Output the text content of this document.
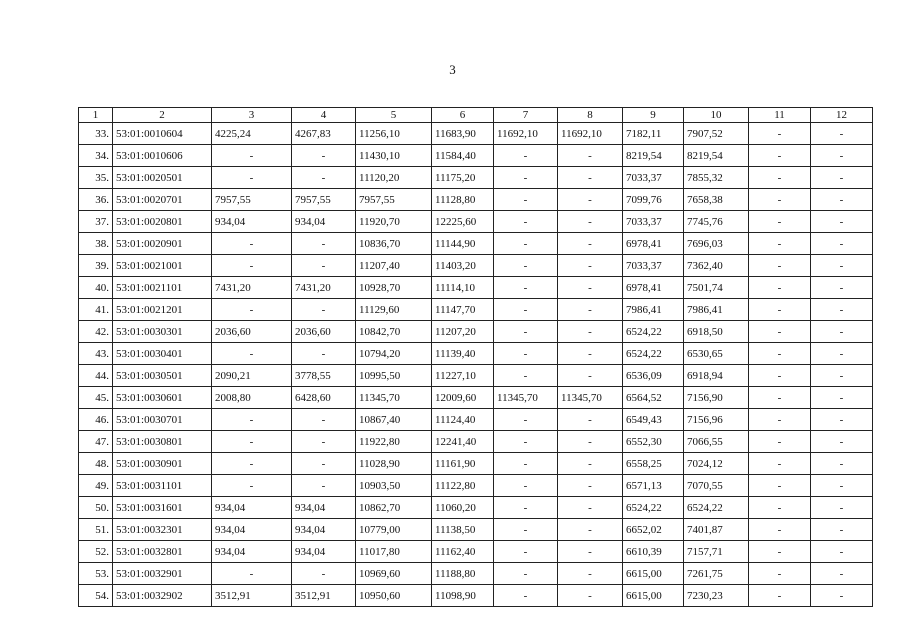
3
1	2	3	4	5	6	7	8	9	10	11	12
33.	53:01:0010604	4225,24	4267,83	11256,10	11683,90	11692,10	11692,10	7182,11	7907,52	-	-
34.	53:01:0010606	-	-	11430,10	11584,40	-	-	8219,54	8219,54	-	-
35.	53:01:0020501	-	-	11120,20	11175,20	-	-	7033,37	7855,32	-	-
36.	53:01:0020701	7957,55	7957,55	7957,55	11128,80	-	-	7099,76	7658,38	-	-
37.	53:01:0020801	934,04	934,04	11920,70	12225,60	-	-	7033,37	7745,76	-	-
38.	53:01:0020901	-	-	10836,70	11144,90	-	-	6978,41	7696,03	-	-
39.	53:01:0021001	-	-	11207,40	11403,20	-	-	7033,37	7362,40	-	-
40.	53:01:0021101	7431,20	7431,20	10928,70	11114,10	-	-	6978,41	7501,74	-	-
41.	53:01:0021201	-	-	11129,60	11147,70	-	-	7986,41	7986,41	-	-
42.	53:01:0030301	2036,60	2036,60	10842,70	11207,20	-	-	6524,22	6918,50	-	-
43.	53:01:0030401	-	-	10794,20	11139,40	-	-	6524,22	6530,65	-	-
44.	53:01:0030501	2090,21	3778,55	10995,50	11227,10	-	-	6536,09	6918,94	-	-
45.	53:01:0030601	2008,80	6428,60	11345,70	12009,60	11345,70	11345,70	6564,52	7156,90	-	-
46.	53:01:0030701	-	-	10867,40	11124,40	-	-	6549,43	7156,96	-	-
47.	53:01:0030801	-	-	11922,80	12241,40	-	-	6552,30	7066,55	-	-
48.	53:01:0030901	-	-	11028,90	11161,90	-	-	6558,25	7024,12	-	-
49.	53:01:0031101	-	-	10903,50	11122,80	-	-	6571,13	7070,55	-	-
50.	53:01:0031601	934,04	934,04	10862,70	11060,20	-	-	6524,22	6524,22	-	-
51.	53:01:0032301	934,04	934,04	10779,00	11138,50	-	-	6652,02	7401,87	-	-
52.	53:01:0032801	934,04	934,04	11017,80	11162,40	-	-	6610,39	7157,71	-	-
53.	53:01:0032901	-	-	10969,60	11188,80	-	-	6615,00	7261,75	-	-
54.	53:01:0032902	3512,91	3512,91	10950,60	11098,90	-	-	6615,00	7230,23	-	-
